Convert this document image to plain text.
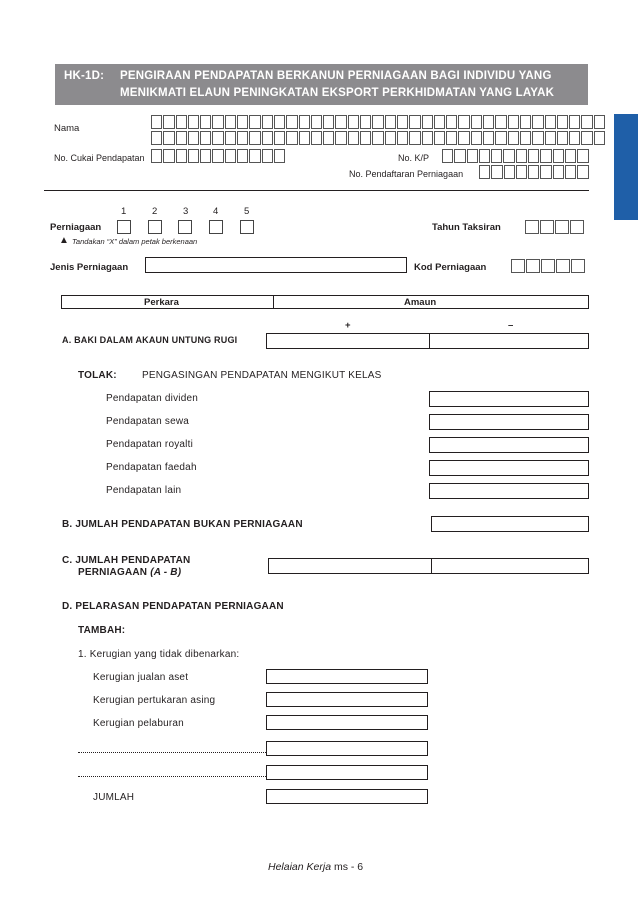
HK-1D: PENGIRAAN PENDAPATAN BERKANUN PERNIAGAAN BAGI INDIVIDU YANG
MENIKMATI ELAUN PENINGKATAN EKSPORT PERKHIDMATAN YANG LAYAK
Nama
No. Cukai Pendapatan	No. K/P
No. Pendaftaran Perniagaan
1	2	3	4	5
Perniagaan
▲ Tandakan “X” dalam petak berkenaan
Tahun Taksiran
Jenis Perniagaan	Kod Perniagaan
Perkara	Amaun
+	–
A. BAKI DALAM AKAUN UNTUNG RUGI
TOLAK:	PENGASINGAN PENDAPATAN MENGIKUT KELAS
Pendapatan dividen
Pendapatan sewa
Pendapatan royalti
Pendapatan faedah
Pendapatan lain
B. JUMLAH PENDAPATAN BUKAN PERNIAGAAN
C. JUMLAH PENDAPATAN
PERNIAGAAN (A - B)
D. PELARASAN PENDAPATAN PERNIAGAAN
TAMBAH:
1. Kerugian yang tidak dibenarkan:
Kerugian jualan aset
Kerugian pertukaran asing
Kerugian pelaburan
JUMLAH
Helaian Kerja ms - 6
